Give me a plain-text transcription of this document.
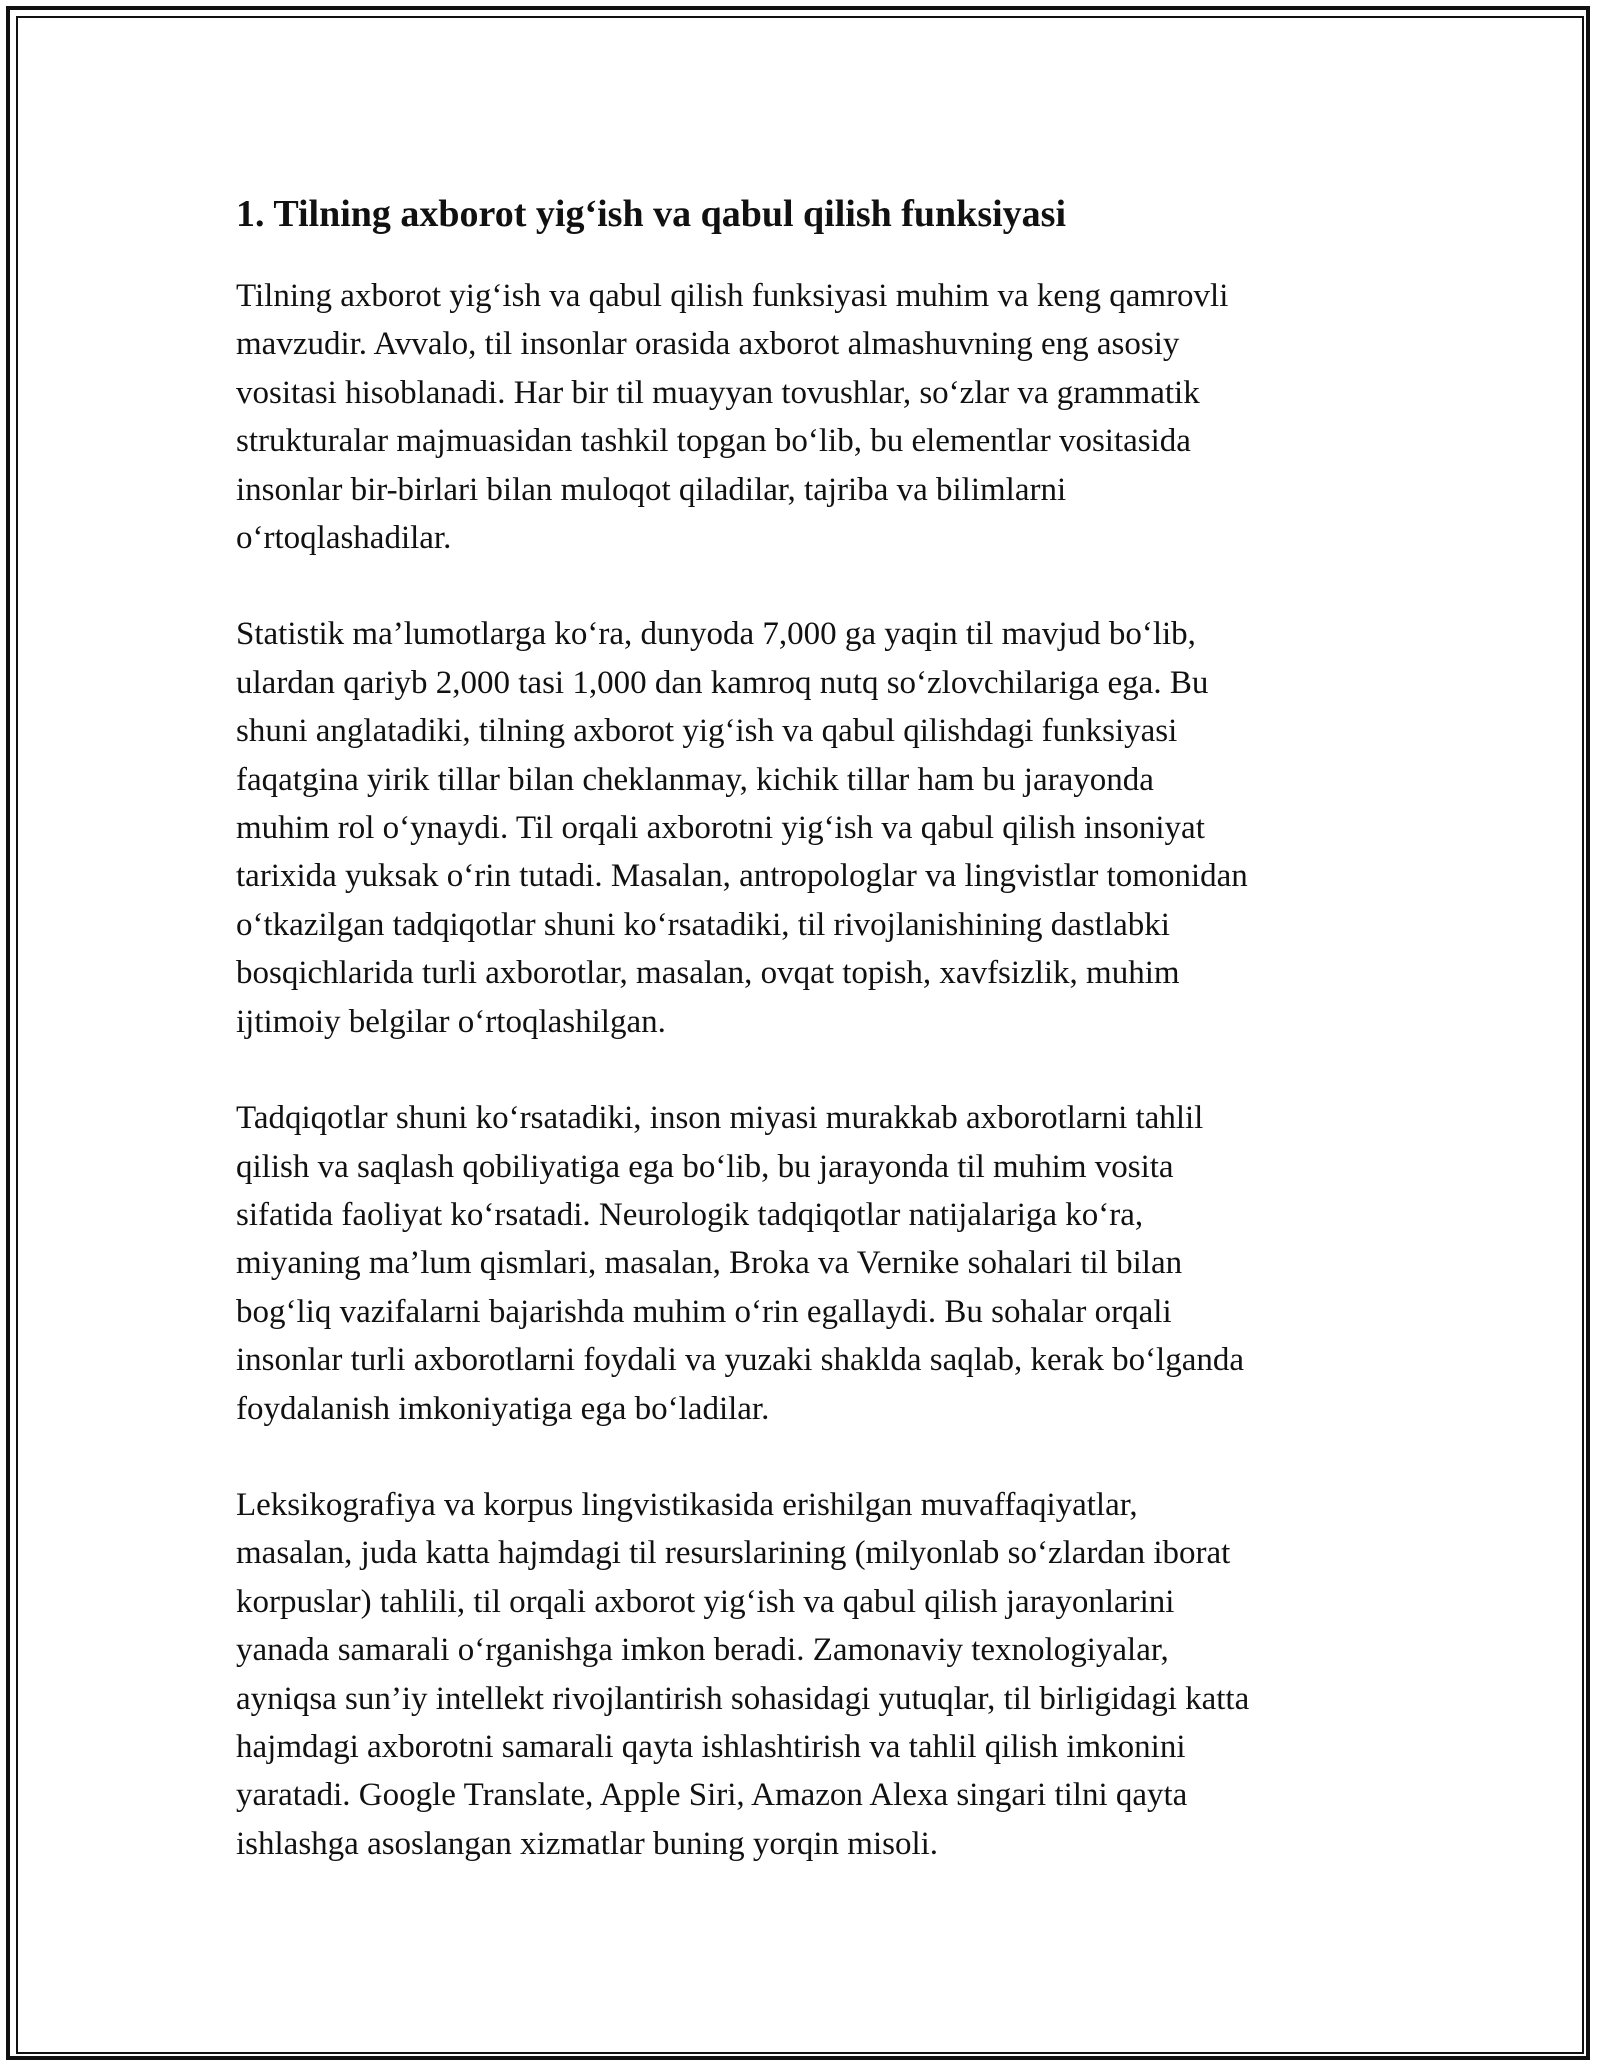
1. Tilning axborot yig‘ish va qabul qilish funksiyasi

Tilning axborot yig‘ish va qabul qilish funksiyasi muhim va keng qamrovli
mavzudir. Avvalo, til insonlar orasida axborot almashuvning eng asosiy
vositasi hisoblanadi. Har bir til muayyan tovushlar, so‘zlar va grammatik
strukturalar majmuasidan tashkil topgan bo‘lib, bu elementlar vositasida
insonlar bir-birlari bilan muloqot qiladilar, tajriba va bilimlarni
o‘rtoqlashadilar.

Statistik ma’lumotlarga ko‘ra, dunyoda 7,000 ga yaqin til mavjud bo‘lib,
ulardan qariyb 2,000 tasi 1,000 dan kamroq nutq so‘zlovchilariga ega. Bu
shuni anglatadiki, tilning axborot yig‘ish va qabul qilishdagi funksiyasi
faqatgina yirik tillar bilan cheklanmay, kichik tillar ham bu jarayonda
muhim rol o‘ynaydi. Til orqali axborotni yig‘ish va qabul qilish insoniyat
tarixida yuksak o‘rin tutadi. Masalan, antropologlar va lingvistlar tomonidan
o‘tkazilgan tadqiqotlar shuni ko‘rsatadiki, til rivojlanishining dastlabki
bosqichlarida turli axborotlar, masalan, ovqat topish, xavfsizlik, muhim
ijtimoiy belgilar o‘rtoqlashilgan.

Tadqiqotlar shuni ko‘rsatadiki, inson miyasi murakkab axborotlarni tahlil
qilish va saqlash qobiliyatiga ega bo‘lib, bu jarayonda til muhim vosita
sifatida faoliyat ko‘rsatadi. Neurologik tadqiqotlar natijalariga ko‘ra,
miyaning ma’lum qismlari, masalan, Broka va Vernike sohalari til bilan
bog‘liq vazifalarni bajarishda muhim o‘rin egallaydi. Bu sohalar orqali
insonlar turli axborotlarni foydali va yuzaki shaklda saqlab, kerak bo‘lganda
foydalanish imkoniyatiga ega bo‘ladilar.

Leksikografiya va korpus lingvistikasida erishilgan muvaffaqiyatlar,
masalan, juda katta hajmdagi til resurslarining (milyonlab so‘zlardan iborat
korpuslar) tahlili, til orqali axborot yig‘ish va qabul qilish jarayonlarini
yanada samarali o‘rganishga imkon beradi. Zamonaviy texnologiyalar,
ayniqsa sun’iy intellekt rivojlantirish sohasidagi yutuqlar, til birligidagi katta
hajmdagi axborotni samarali qayta ishlashtirish va tahlil qilish imkonini
yaratadi. Google Translate, Apple Siri, Amazon Alexa singari tilni qayta
ishlashga asoslangan xizmatlar buning yorqin misoli.
